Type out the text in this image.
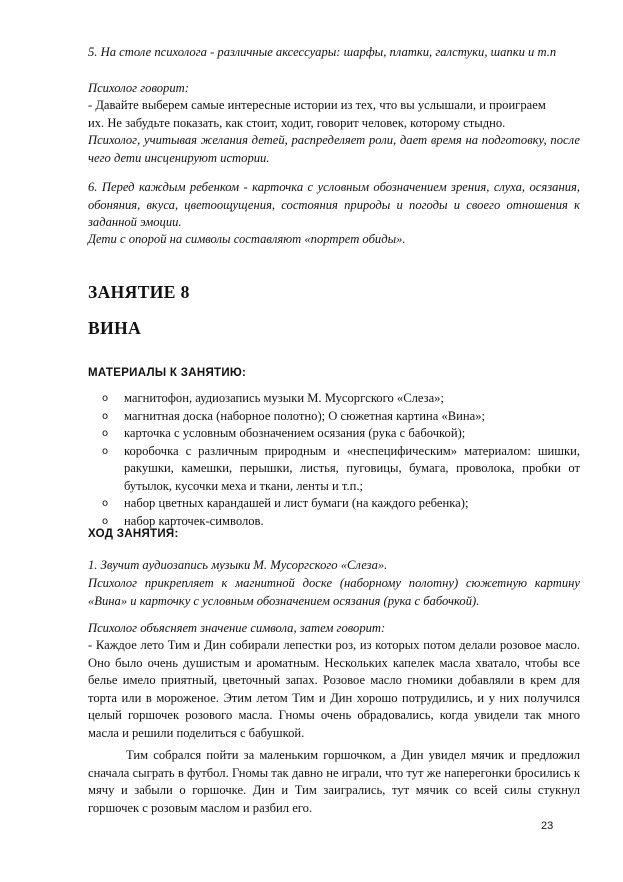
5. На столе психолога - различные аксессуары: шарфы, платки, галстуки, шапки и т.п

Психолог говорит:

- Давайте выберем самые интересные истории из тех, что вы услышали, и проиграем

их. Не забудьте показать, как стоит, ходит, говорит человек, которому стыдно.

Психолог, учитывая желания детей, распределяет роли, дает время на подготовку, после чего дети инсценируют истории.

6. Перед каждым ребенком - карточка с условным обозначением зрения, слуха, осязания, обоняния, вкуса, цветоощущения, состояния природы и погоды и своего отношения к заданной эмоции.

Дети с опорой на символы составляют «портрет обиды».

ЗАНЯТИЕ 8
ВИНА
МАТЕРИАЛЫ К ЗАНЯТИЮ:
o магнитофон, аудиозапись музыки М. Мусоргского «Слеза»;
o магнитная доска (наборное полотно); О сюжетная картина «Вина»;
o карточка с условным обозначением осязания (рука с бабочкой);
o коробочка с различным природным и «неспецифическим» материалом: шишки, ракушки, камешки, перышки, листья, пуговицы, бумага, проволока, пробки от бутылок, кусочки меха и ткани, ленты и т.п.;
o набор цветных карандашей и лист бумаги (на каждого ребенка);
o набор карточек-символов.
ХОД ЗАНЯТИЯ:

1. Звучит аудиозапись музыки М. Мусоргского «Слеза».

Психолог прикрепляет к магнитной доске (наборному полотну) сюжетную картину «Вина» и карточку с условным обозначением осязания (рука с бабочкой).

Психолог объясняет значение символа, затем говорит:

- Каждое лето Тим и Дин собирали лепестки роз, из которых потом делали розовое масло. Оно было очень душистым и ароматным. Нескольких капелек масла хватало, чтобы все белье имело приятный, цветочный запах. Розовое масло гномики добавляли в крем для торта или в мороженое. Этим летом Тим и Дин хорошо потрудились, и у них получился целый горшочек розового масла. Гномы очень обрадовались, когда увидели так много масла и решили поделиться с бабушкой.

Тим собрался пойти за маленьким горшочком, а Дин увидел мячик и предложил сначала сыграть в футбол. Гномы так давно не играли, что тут же наперегонки бросились к мячу и забыли о горшочке. Дин и Тим заигрались, тут мячик со всей силы стукнул горшочек с розовым маслом и разбил его.

23
